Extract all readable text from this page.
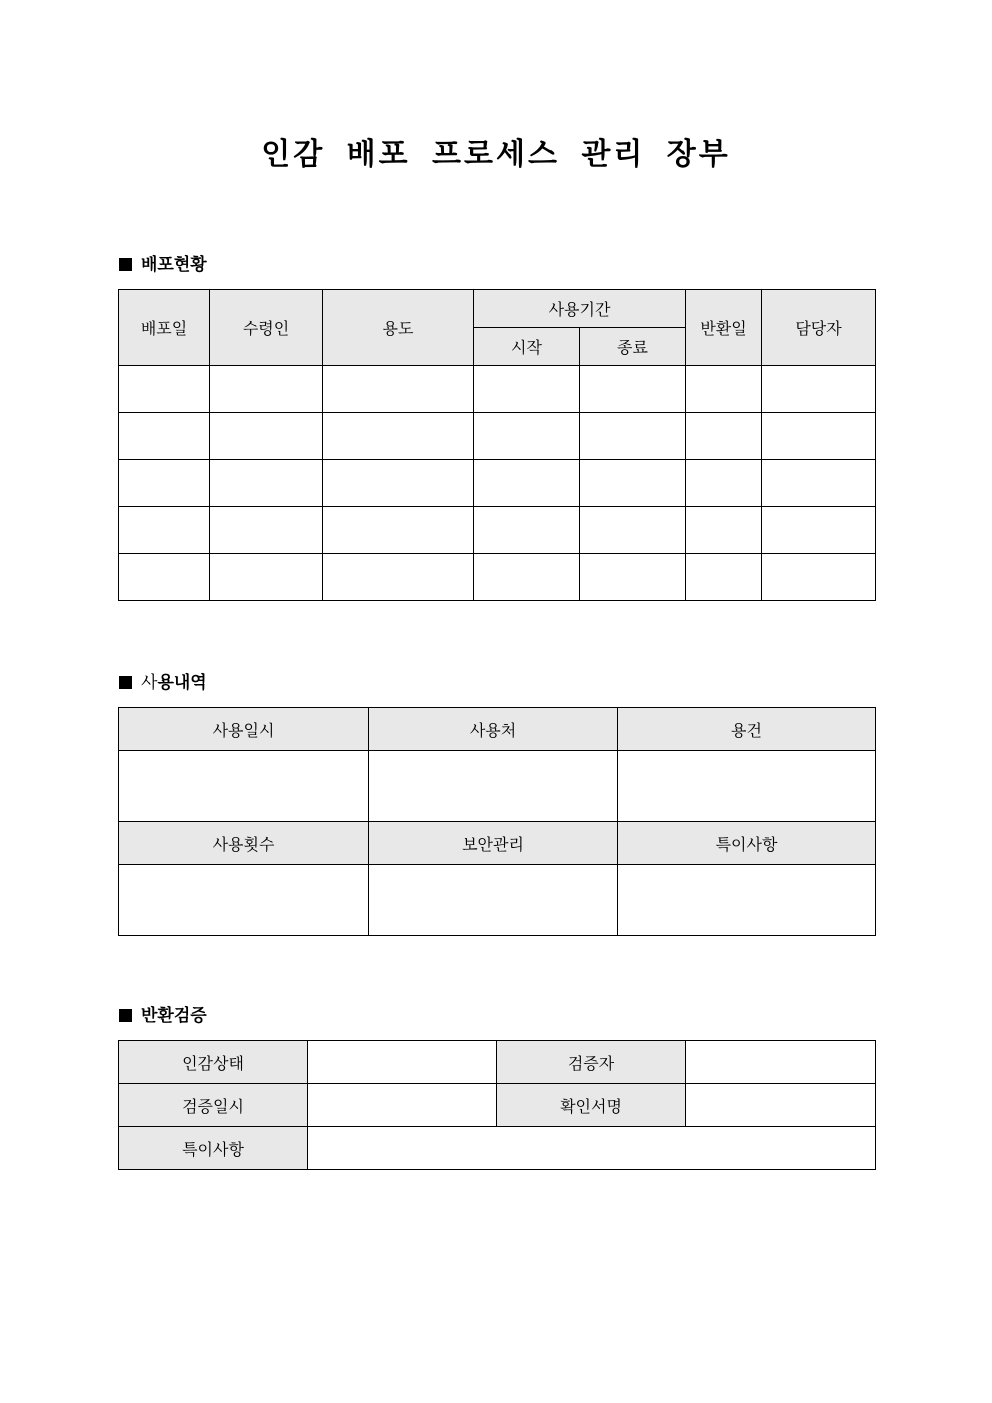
인감 배포 프로세스 관리 장부
배포현황
배포일	수령인	용도	사용기간		반환일	담당자
			시작	종료		

사용내역
사용일시	사용처	용건

사용횟수	보안관리	특이사항

반환검증
인감상태		검증자	
검증일시		확인서명	
특이사항			
